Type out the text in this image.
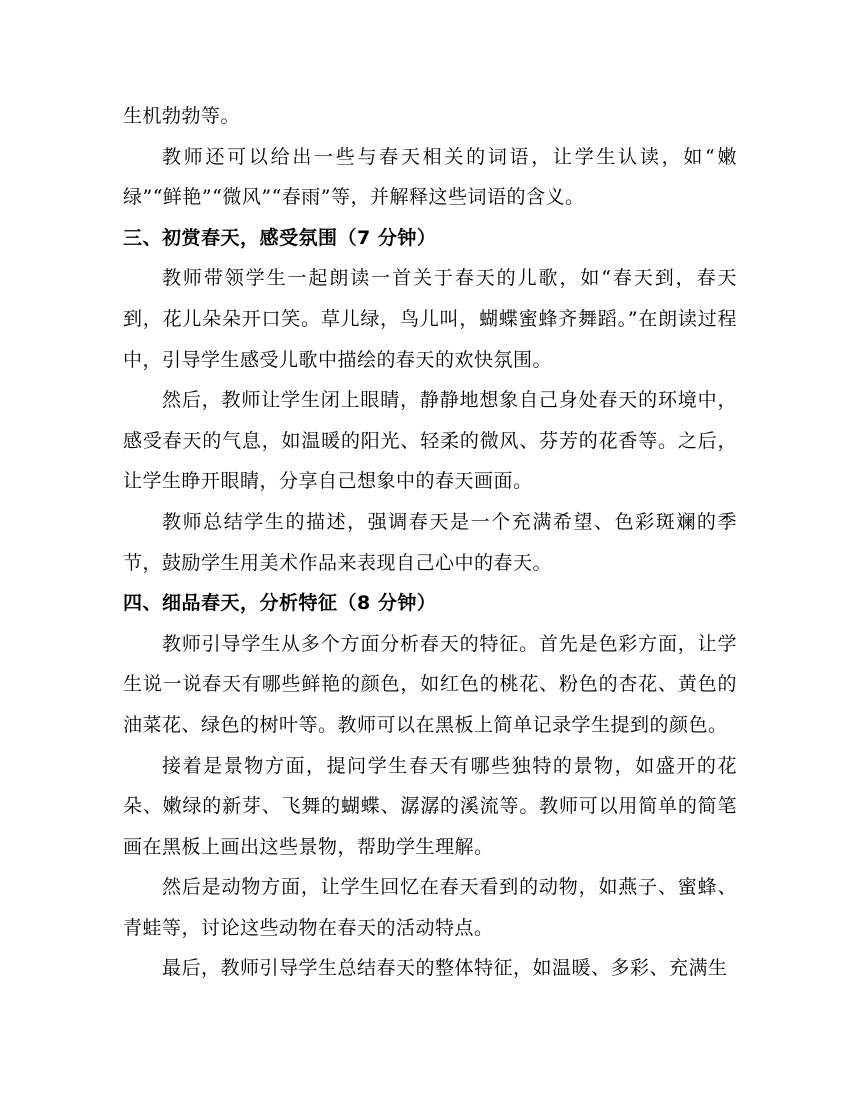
生机勃勃等。

教师还可以给出一些与春天相关的词语，让学生认读，如“嫩绿”“鲜艳”“微风”“春雨”等，并解释这些词语的含义。

三、初赏春天，感受氛围（7 分钟）

教师带领学生一起朗读一首关于春天的儿歌，如“春天到，春天到，花儿朵朵开口笑。草儿绿，鸟儿叫，蝴蝶蜜蜂齐舞蹈。”在朗读过程中，引导学生感受儿歌中描绘的春天的欢快氛围。

然后，教师让学生闭上眼睛，静静地想象自己身处春天的环境中，感受春天的气息，如温暖的阳光、轻柔的微风、芬芳的花香等。之后，让学生睁开眼睛，分享自己想象中的春天画面。

教师总结学生的描述，强调春天是一个充满希望、色彩斑斓的季节，鼓励学生用美术作品来表现自己心中的春天。

四、细品春天，分析特征（8 分钟）

教师引导学生从多个方面分析春天的特征。首先是色彩方面，让学生说一说春天有哪些鲜艳的颜色，如红色的桃花、粉色的杏花、黄色的油菜花、绿色的树叶等。教师可以在黑板上简单记录学生提到的颜色。

接着是景物方面，提问学生春天有哪些独特的景物，如盛开的花朵、嫩绿的新芽、飞舞的蝴蝶、潺潺的溪流等。教师可以用简单的简笔画在黑板上画出这些景物，帮助学生理解。

然后是动物方面，让学生回忆在春天看到的动物，如燕子、蜜蜂、青蛙等，讨论这些动物在春天的活动特点。

最后，教师引导学生总结春天的整体特征，如温暖、多彩、充满生
